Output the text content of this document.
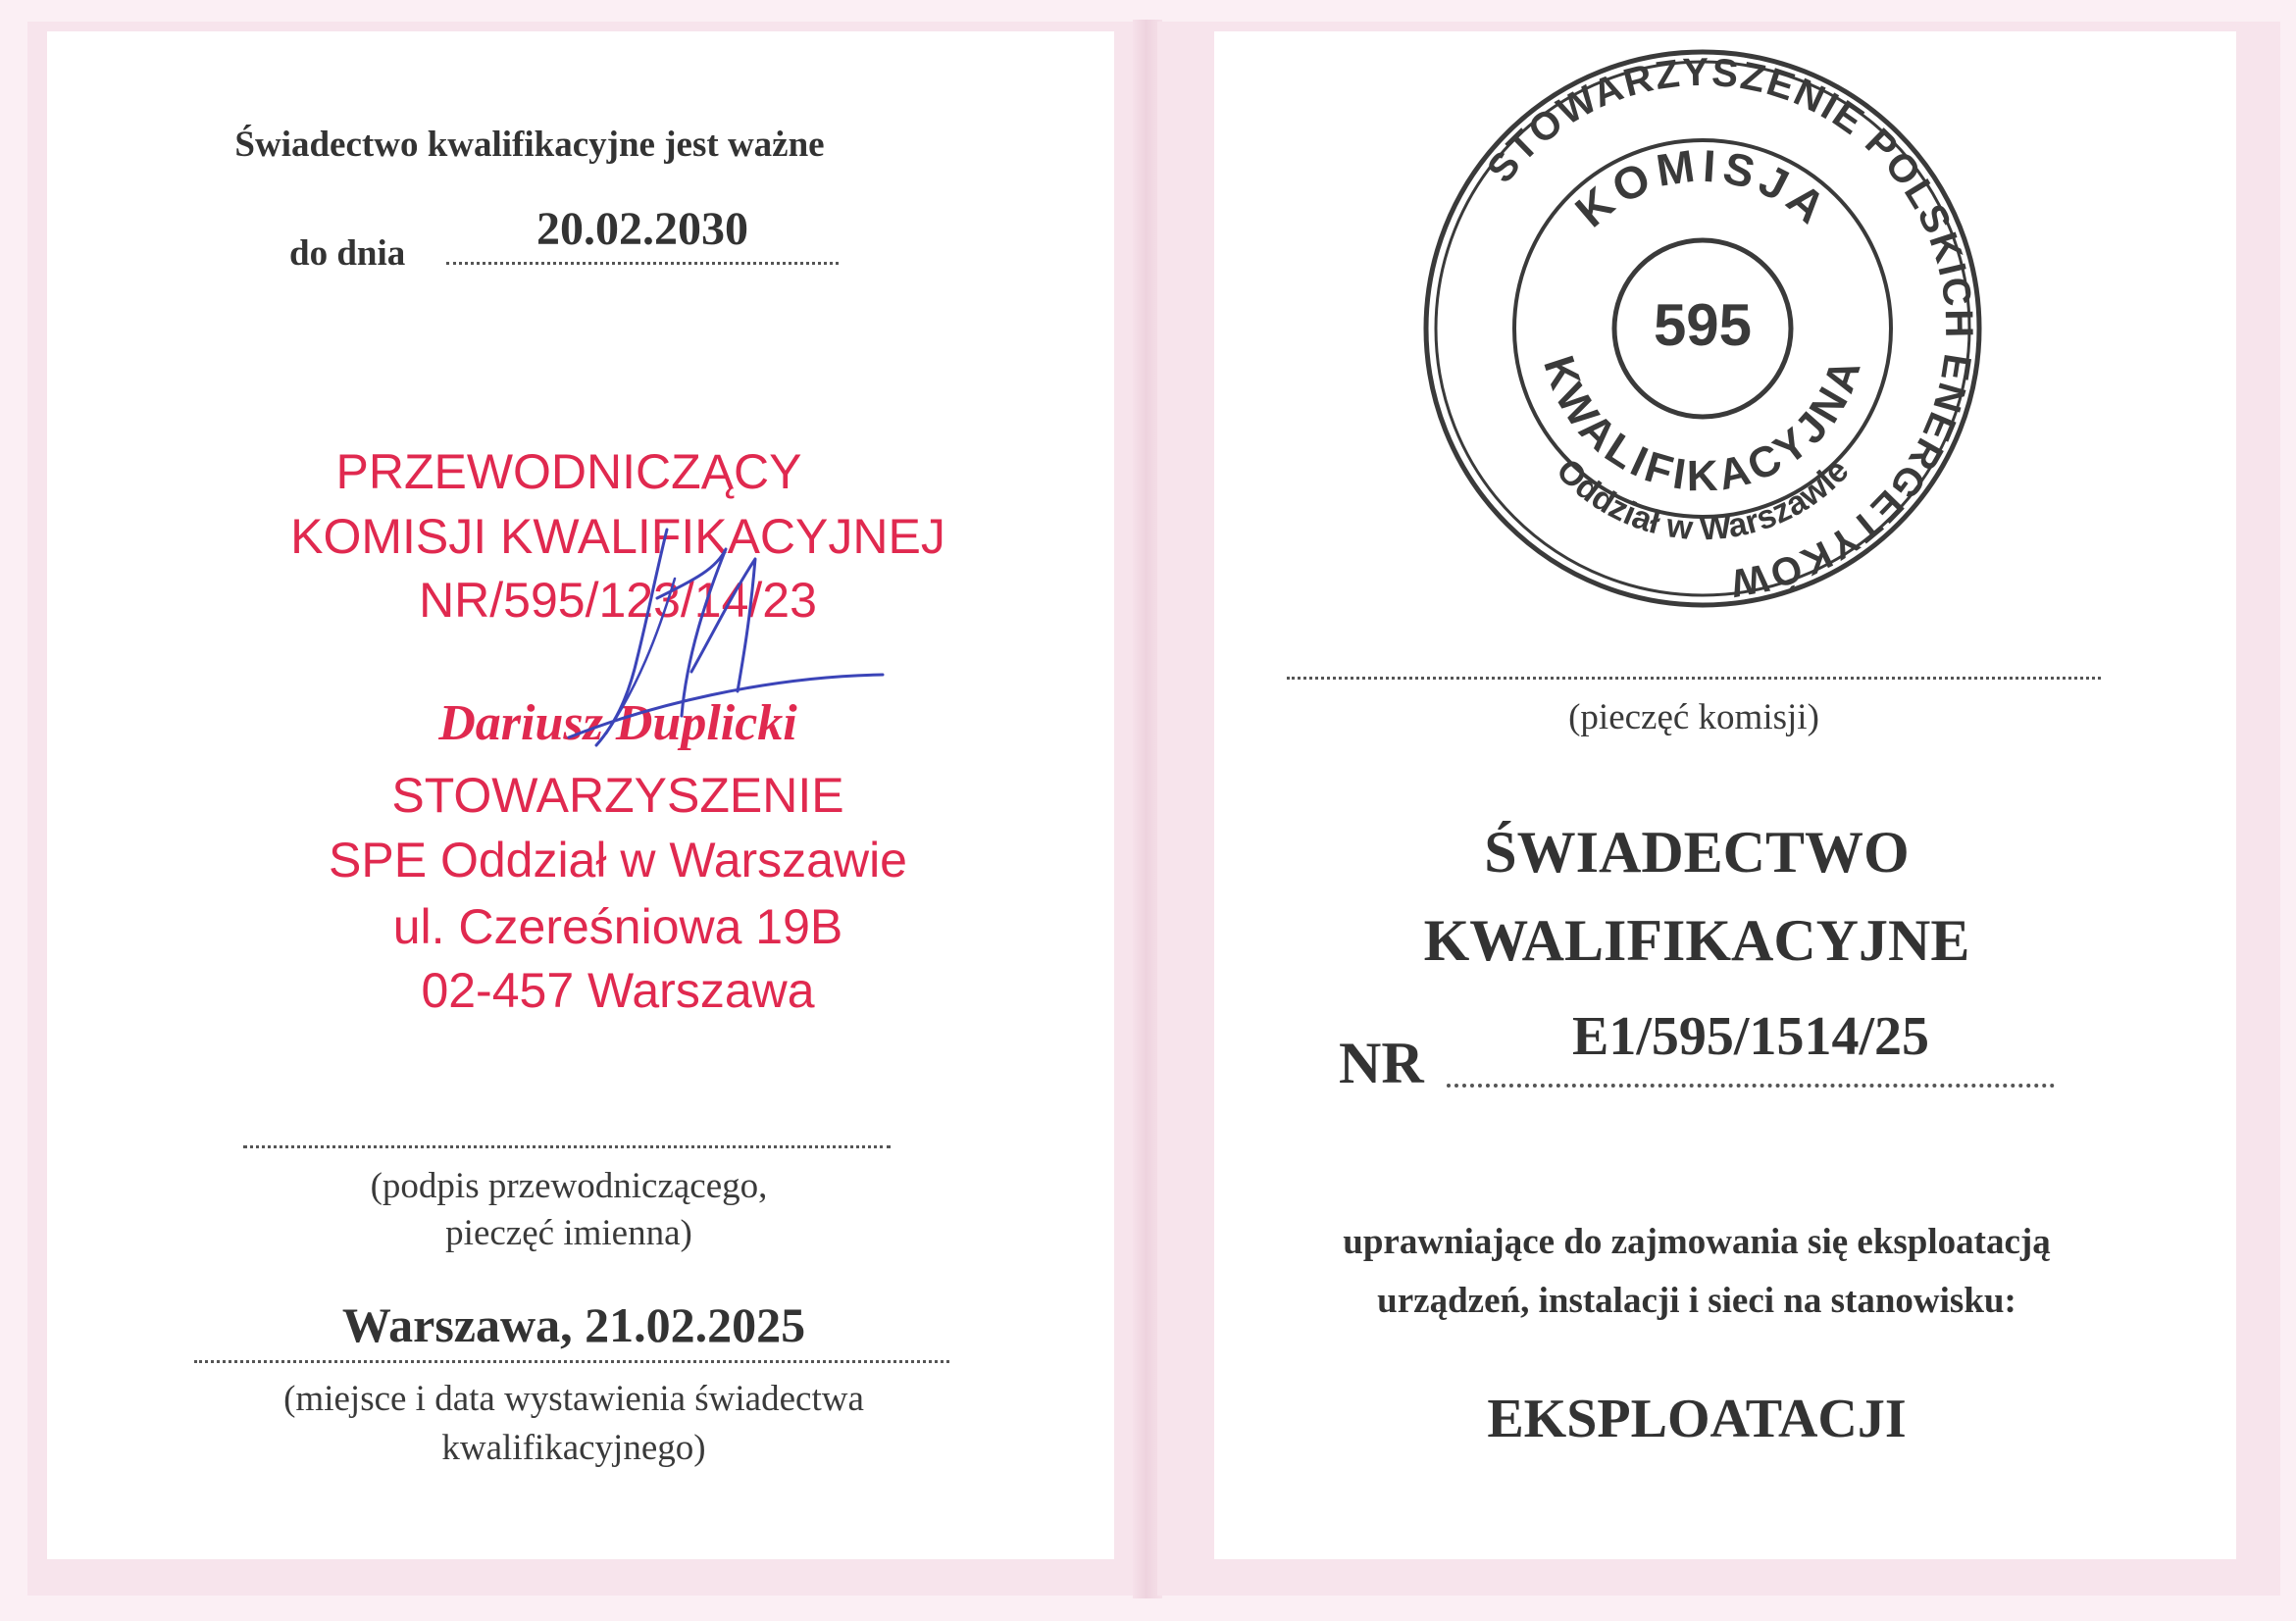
Świadectwo kwalifikacyjne jest ważne
do dnia	20.02.2030
PRZEWODNICZĄCY
KOMISJI KWALIFIKACYJNEJ
NR/595/123/14/23
Dariusz Duplicki
STOWARZYSZENIE
SPE Oddział w Warszawie
ul. Czereśniowa 19B
02-457 Warszawa
(podpis przewodniczącego,
pieczęć imienna)
Warszawa, 21.02.2025
(miejsce i data wystawienia świadectwa
kwalifikacyjnego)
STOWARZYSZENIE POLSKICH ENERGETYKÓW
KOMISJA
KWALIFIKACYJNA
595
Oddział w Warszawie
(pieczęć komisji)
ŚWIADECTWO
KWALIFIKACYJNE
NR	E1/595/1514/25
uprawniające do zajmowania się eksploatacją
urządzeń, instalacji i sieci na stanowisku:
EKSPLOATACJI
